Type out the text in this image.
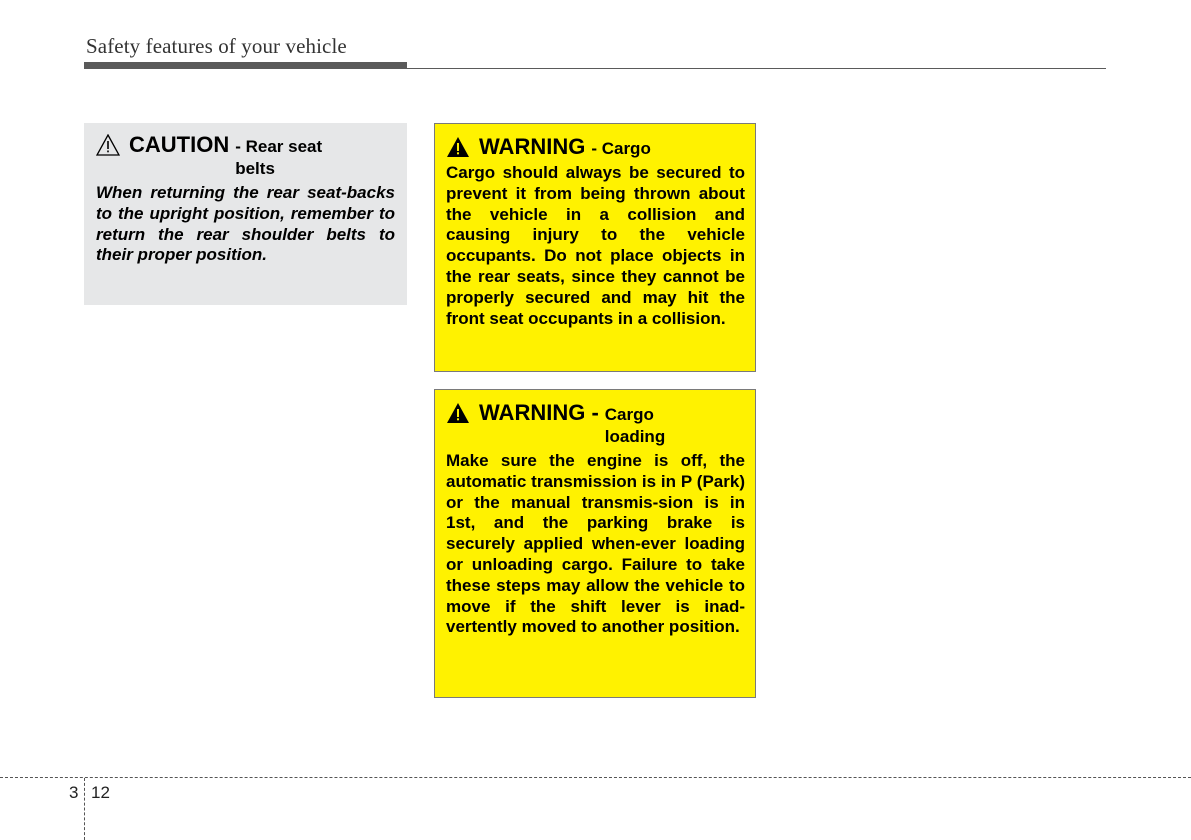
Safety features of your vehicle
CAUTION - Rear seat belts
When returning the rear seat-backs to the upright position, remember to return the rear shoulder belts to their proper position.
WARNING - Cargo
Cargo should always be secured to prevent it from being thrown about the vehicle in a collision and causing injury to the vehicle occupants. Do not place objects in the rear seats, since they cannot be properly secured and may hit the front seat occupants in a collision.
WARNING - Cargo loading
Make sure the engine is off, the automatic transmission is in P (Park) or the manual transmis-sion is in 1st, and the parking brake is securely applied when-ever loading or unloading cargo. Failure to take these steps may allow the vehicle to move if the shift lever is inad-vertently moved to another position.
3 12
